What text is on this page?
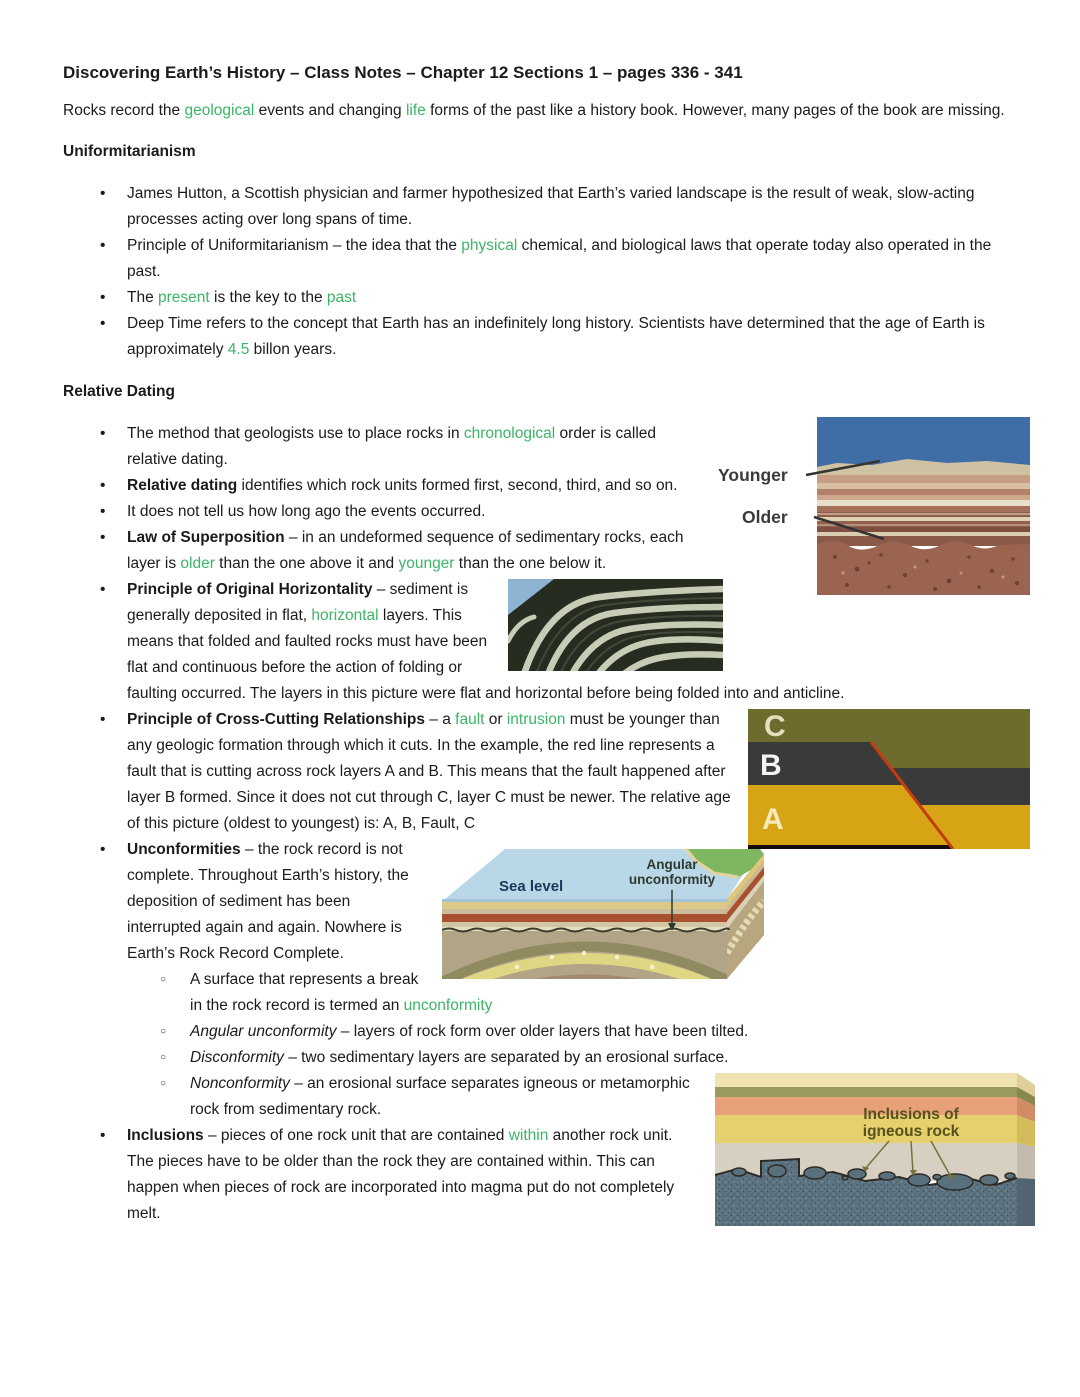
Discovering Earth’s History – Class Notes – Chapter 12 Sections 1 – pages 336 - 341

Rocks record the geological events and changing life forms of the past like a history book. However, many pages of the book are missing.

Uniformitarianism
• James Hutton, a Scottish physician and farmer hypothesized that Earth’s varied landscape is the result of weak, slow-acting processes acting over long spans of time.
• Principle of Uniformitarianism – the idea that the physical chemical, and biological laws that operate today also operated in the past.
• The present is the key to the past
• Deep Time refers to the concept that Earth has an indefinitely long history. Scientists have determined that the age of Earth is approximately 4.5 billon years.
Relative Dating
• Younger
Older
The method that geologists use to place rocks in chronological order is called relative dating.
• Relative dating identifies which rock units formed first, second, third, and so on.
• It does not tell us how long ago the events occurred.
• Law of Superposition – in an undeformed sequence of sedimentary rocks, each layer is older than the one above it and younger than the one below it.
• Principle of Original Horizontality – sediment is generally deposited in flat, horizontal layers. This means that folded and faulted rocks must have been flat and continuous before the action of folding or faulting occurred. The layers in this picture were flat and horizontal before being folded into and anticline.
• C
B
A
Principle of Cross-Cutting Relationships – a fault or intrusion must be younger than any geologic formation through which it cuts. In the example, the red line represents a fault that is cutting across rock layers A and B. This means that the fault happened after layer B formed. Since it does not cut through C, layer C must be newer. The relative age of this picture (oldest to youngest) is: A, B, Fault, C
• Sea level
Angular
unconformity
Unconformities – the rock record is not complete. Throughout Earth’s history, the deposition of sediment has been interrupted again and again. Nowhere is Earth’s Rock Record Complete.
○ A surface that represents a break in the rock record is termed an unconformity
○ Angular unconformity – layers of rock form over older layers that have been tilted.
○ Disconformity – two sedimentary layers are separated by an erosional surface.
○ Inclusions of
igneous rock
Nonconformity – an erosional surface separates igneous or metamorphic rock from sedimentary rock.
• Inclusions – pieces of one rock unit that are contained within another rock unit. The pieces have to be older than the rock they are contained within. This can happen when pieces of rock are incorporated into magma put do not completely melt.
